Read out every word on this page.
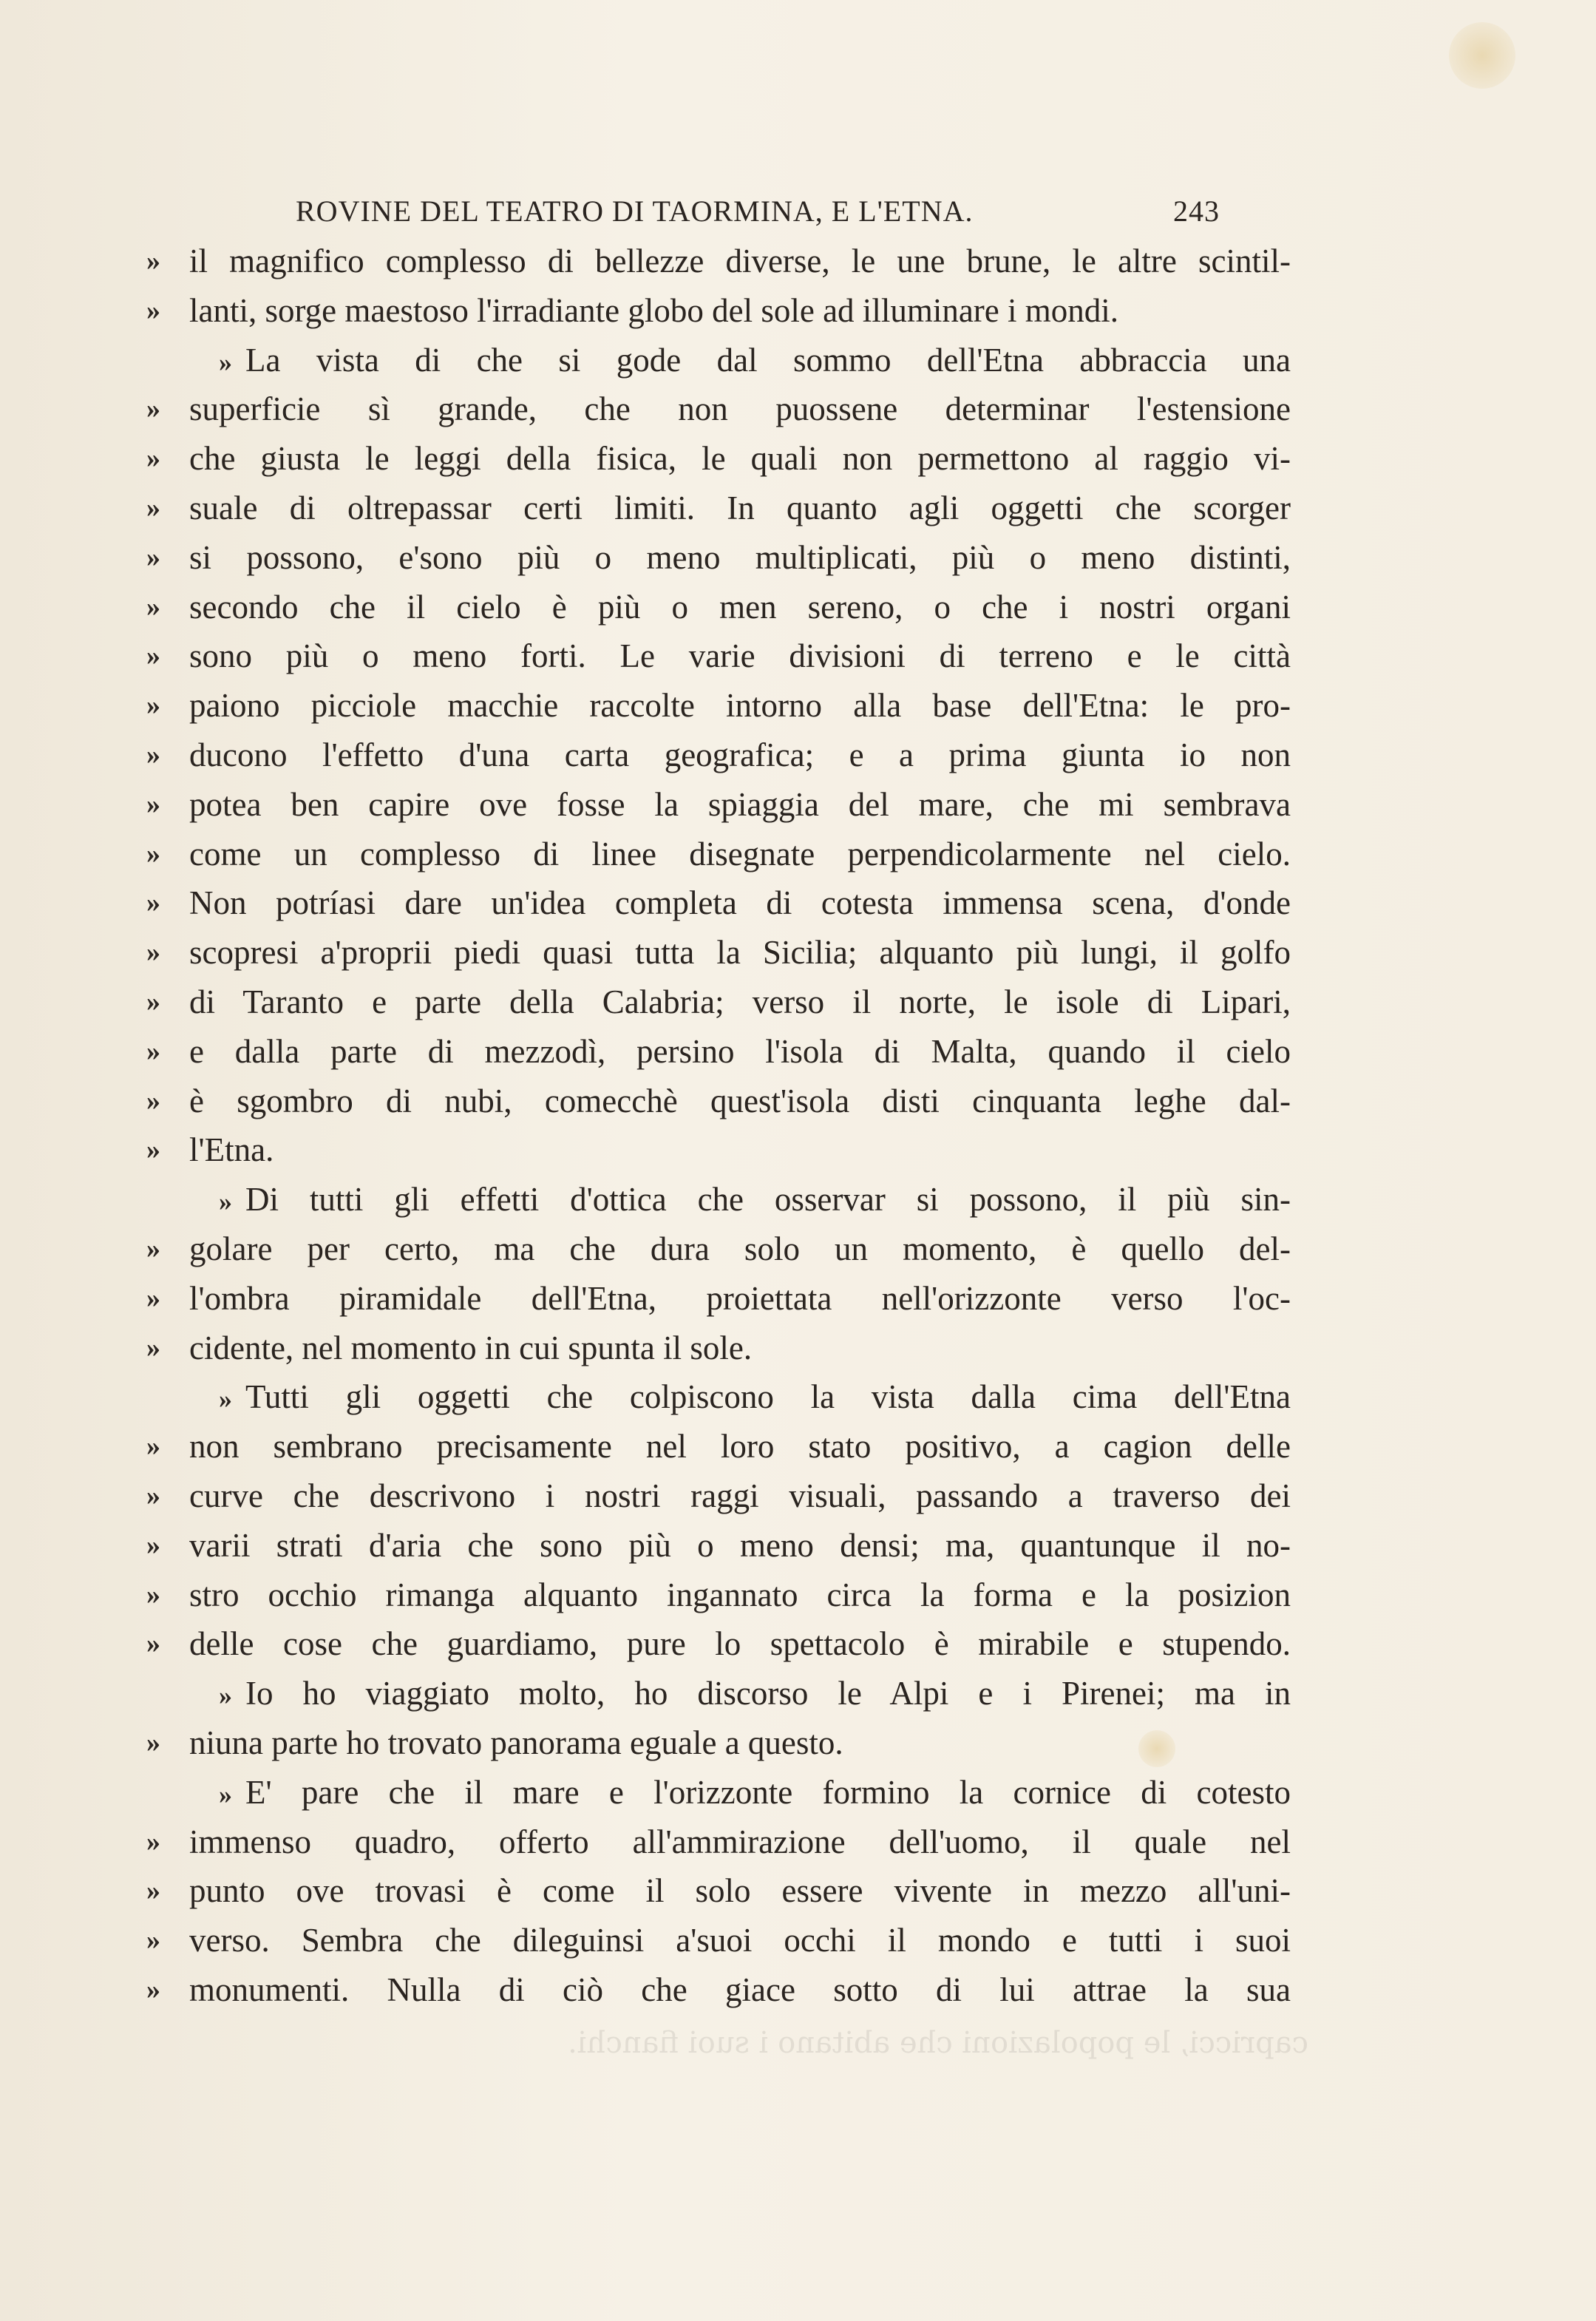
ROVINE DEL TEATRO DI TAORMINA, E L'ETNA.	243
» il magnifico complesso di bellezze diverse, le une brune, le altre scintil-
» lanti, sorge maestoso l'irradiante globo del sole ad illuminare i mondi.
» La vista di che si gode dal sommo dell'Etna abbraccia una
» superficie sì grande, che non puossene determinar l'estensione
» che giusta le leggi della fisica, le quali non permettono al raggio vi-
» suale di oltrepassar certi limiti. In quanto agli oggetti che scorger
» si possono, e'sono più o meno multiplicati, più o meno distinti,
» secondo che il cielo è più o men sereno, o che i nostri organi
» sono più o meno forti. Le varie divisioni di terreno e le città
» paiono picciole macchie raccolte intorno alla base dell'Etna: le pro-
» ducono l'effetto d'una carta geografica; e a prima giunta io non
» potea ben capire ove fosse la spiaggia del mare, che mi sembrava
» come un complesso di linee disegnate perpendicolarmente nel cielo.
» Non potríasi dare un'idea completa di cotesta immensa scena, d'onde
» scopresi a'proprii piedi quasi tutta la Sicilia; alquanto più lungi, il golfo
» di Taranto e parte della Calabria; verso il norte, le isole di Lipari,
» e dalla parte di mezzodì, persino l'isola di Malta, quando il cielo
» è sgombro di nubi, comecchè quest'isola disti cinquanta leghe dal-
» l'Etna.
» Di tutti gli effetti d'ottica che osservar si possono, il più sin-
» golare per certo, ma che dura solo un momento, è quello del-
» l'ombra piramidale dell'Etna, proiettata nell'orizzonte verso l'oc-
» cidente, nel momento in cui spunta il sole.
» Tutti gli oggetti che colpiscono la vista dalla cima dell'Etna
» non sembrano precisamente nel loro stato positivo, a cagion delle
» curve che descrivono i nostri raggi visuali, passando a traverso dei
» varii strati d'aria che sono più o meno densi; ma, quantunque il no-
» stro occhio rimanga alquanto ingannato circa la forma e la posizion
» delle cose che guardiamo, pure lo spettacolo è mirabile e stupendo.
» Io ho viaggiato molto, ho discorso le Alpi e i Pirenei; ma in
» niuna parte ho trovato panorama eguale a questo.
» E' pare che il mare e l'orizzonte formino la cornice di cotesto
» immenso quadro, offerto all'ammirazione dell'uomo, il quale nel
» punto ove trovasi è come il solo essere vivente in mezzo all'uni-
» verso. Sembra che dileguinsi a'suoi occhi il mondo e tutti i suoi
» monumenti. Nulla di ciò che giace sotto di lui attrae la sua
capricci, le popolazioni che abitano i suoi fianchi.
